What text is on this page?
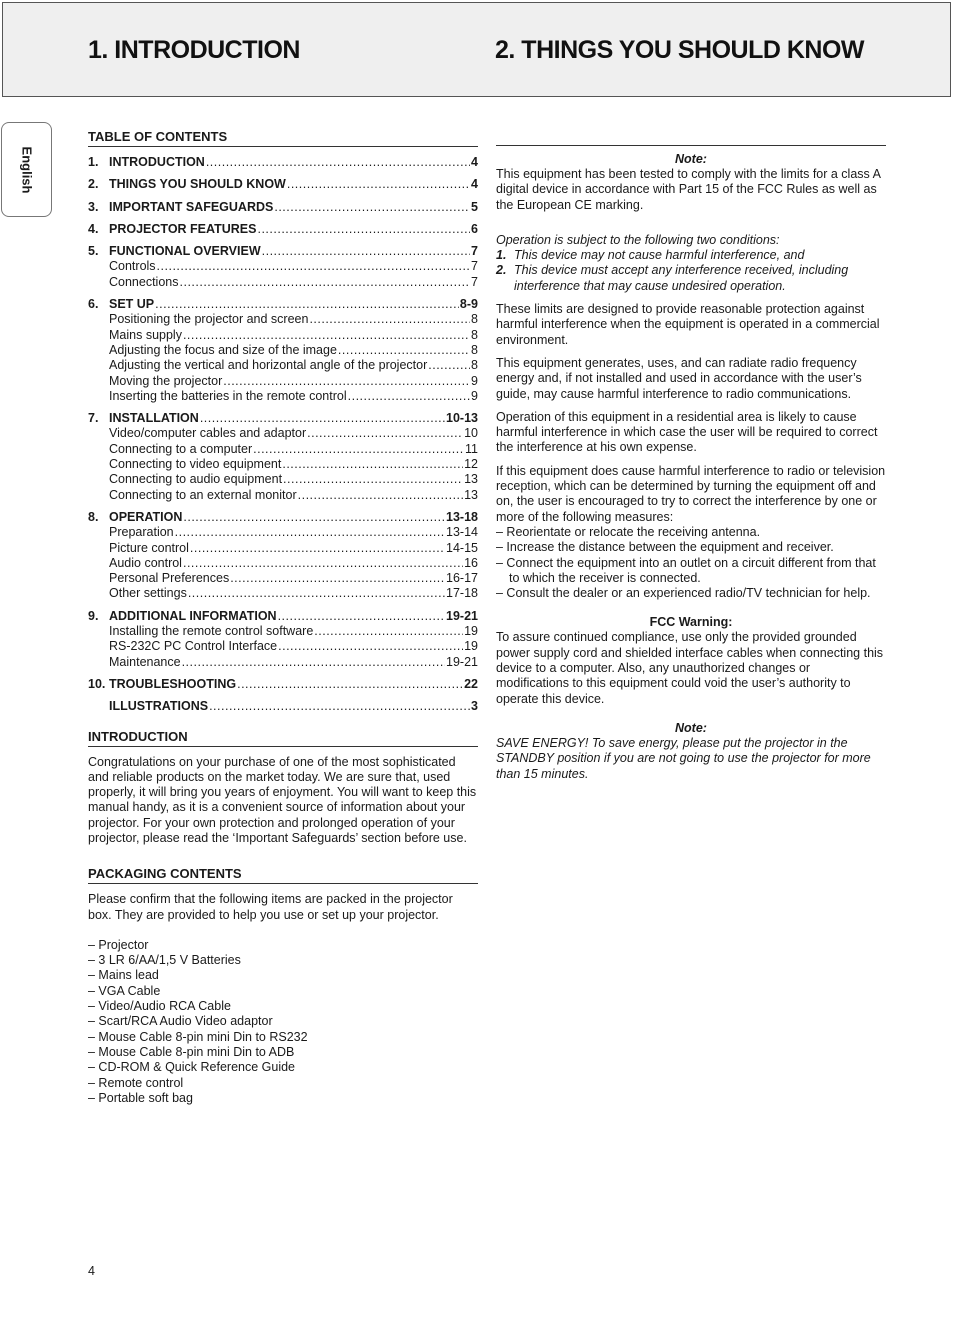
1. INTRODUCTION	2. THINGS YOU SHOULD KNOW
English
TABLE OF CONTENTS
1. INTRODUCTION .....	4
2. THINGS YOU SHOULD KNOW .....	4
3. IMPORTANT SAFEGUARDS .....	5
4. PROJECTOR FEATURES .....	6
5. FUNCTIONAL OVERVIEW .....	7
Controls .....	7
Connections .....	7
6. SET UP .....	8-9
Positioning the projector and screen .....	8
Mains supply .....	8
Adjusting the focus and size of the image .....	8
Adjusting the vertical and horizontal angle of the projector .....	8
Moving the projector .....	9
Inserting the batteries in the remote control .....	9
7. INSTALLATION .....	10-13
Video/computer cables and adaptor .....	10
Connecting to a computer .....	11
Connecting to video equipment .....	12
Connecting to audio equipment .....	13
Connecting to an external monitor .....	13
8. OPERATION .....	13-18
Preparation .....	13-14
Picture control .....	14-15
Audio control .....	16
Personal Preferences .....	16-17
Other settings .....	17-18
9. ADDITIONAL INFORMATION .....	19-21
Installing the remote control software .....	19
RS-232C PC Control Interface .....	19
Maintenance .....	19-21
10. TROUBLESHOOTING .....	22
ILLUSTRATIONS .....	3
INTRODUCTION

Congratulations on your purchase of one of the most sophisticated and reliable products on the market today. We are sure that, used properly, it will bring you years of enjoyment. You will want to keep this manual handy, as it is a convenient source of information about your projector. For your own protection and prolonged operation of your projector, please read the ‘Important Safeguards’ section before use.

PACKAGING CONTENTS

Please confirm that the following items are packed in the projector box. They are provided to help you use or set up your projector.

– Projector
– 3 LR 6/AA/1,5 V Batteries
– Mains lead
– VGA Cable
– Video/Audio RCA Cable
– Scart/RCA Audio Video adaptor
– Mouse Cable 8-pin mini Din to RS232
– Mouse Cable 8-pin mini Din to ADB
– CD-ROM & Quick Reference Guide
– Remote control
– Portable soft bag
Note:

This equipment has been tested to comply with the limits for a class A digital device in accordance with Part 15 of the FCC Rules as well as the European CE marking.

Operation is subject to the following two conditions:

1. This device may not cause harmful interference, and
2. This device must accept any interference received, including interference that may cause undesired operation.

These limits are designed to provide reasonable protection against harmful interference when the equipment is operated in a commercial environment.

This equipment generates, uses, and can radiate radio frequency energy and, if not installed and used in accordance with the user’s guide, may cause harmful interference to radio communications.

Operation of this equipment in a residential area is likely to cause harmful interference in which case the user will be required to correct the interference at his own expense.

If this equipment does cause harmful interference to radio or television reception, which can be determined by turning the equipment off and on, the user is encouraged to try to correct the interference by one or more of the following measures:

– Reorientate or relocate the receiving antenna.
– Increase the distance between the equipment and receiver.
– Connect the equipment into an outlet on a circuit different from that to which the receiver is connected.
– Consult the dealer or an experienced radio/TV technician for help.
FCC Warning:

To assure continued compliance, use only the provided grounded power supply cord and shielded interface cables when connecting this device to a computer. Also, any unauthorized changes or modifications to this equipment could void the user’s authority to operate this device.

Note:

SAVE ENERGY! To save energy, please put the projector in the STANDBY position if you are not going to use the projector for more than 15 minutes.

4
